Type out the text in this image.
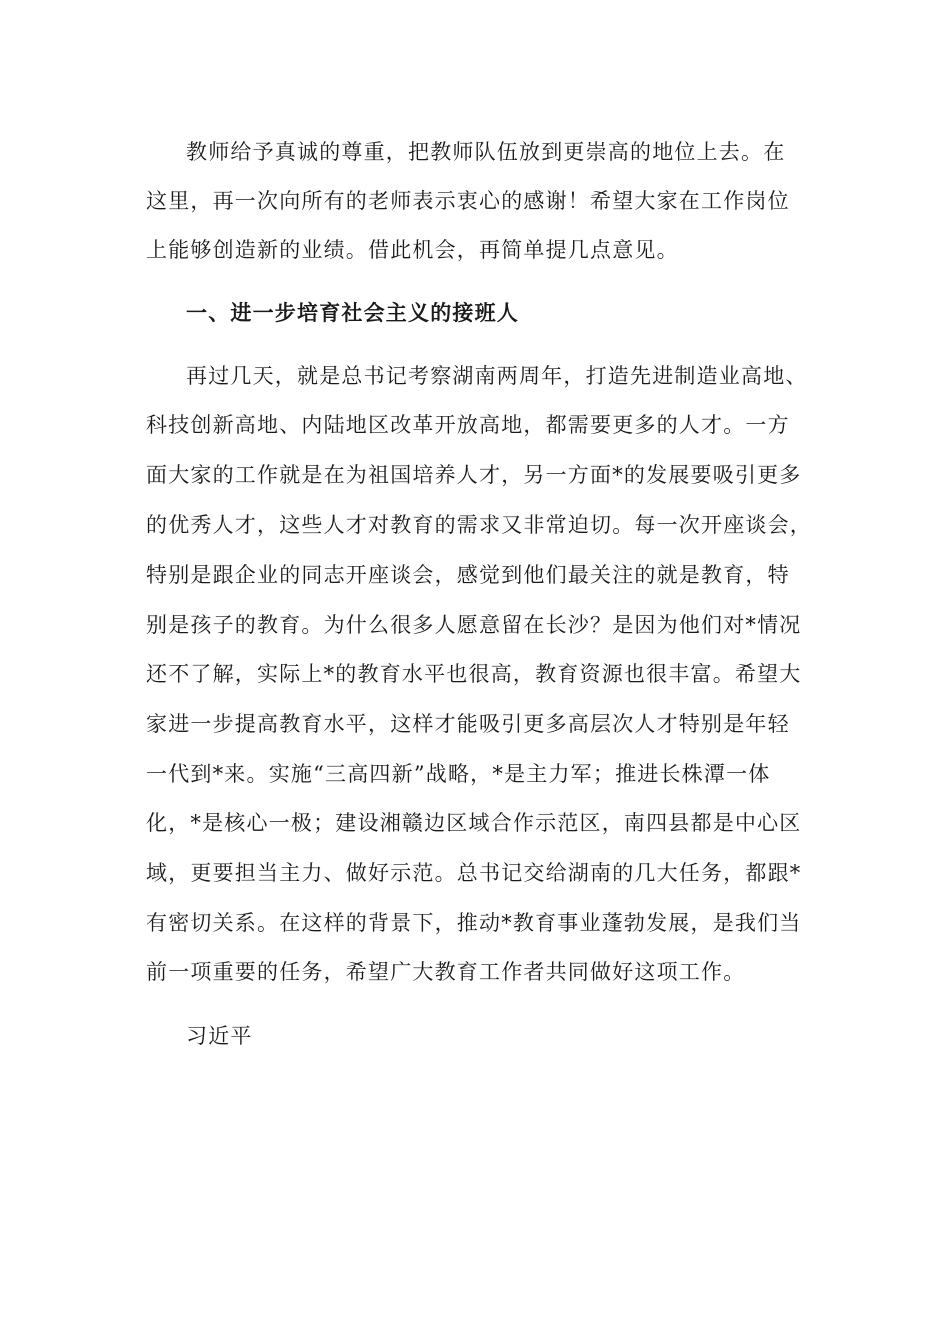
教师给予真诚的尊重，把教师队伍放到更崇高的地位上去。在
这里，再一次向所有的老师表示衷心的感谢！希望大家在工作岗位
上能够创造新的业绩。借此机会，再简单提几点意见。
一、进一步培育社会主义的接班人
再过几天，就是总书记考察湖南两周年，打造先进制造业高地、
科技创新高地、内陆地区改革开放高地，都需要更多的人才。一方
面大家的工作就是在为祖国培养人才，另一方面*的发展要吸引更多
的优秀人才，这些人才对教育的需求又非常迫切。每一次开座谈会，
特别是跟企业的同志开座谈会，感觉到他们最关注的就是教育，特
别是孩子的教育。为什么很多人愿意留在长沙？是因为他们对*情况
还不了解，实际上*的教育水平也很高，教育资源也很丰富。希望大
家进一步提高教育水平，这样才能吸引更多高层次人才特别是年轻
一代到*来。实施“三高四新”战略，*是主力军；推进长株潭一体
化，*是核心一极；建设湘赣边区域合作示范区，南四县都是中心区
域，更要担当主力、做好示范。总书记交给湖南的几大任务，都跟*
有密切关系。在这样的背景下，推动*教育事业蓬勃发展，是我们当
前一项重要的任务，希望广大教育工作者共同做好这项工作。
习近平
